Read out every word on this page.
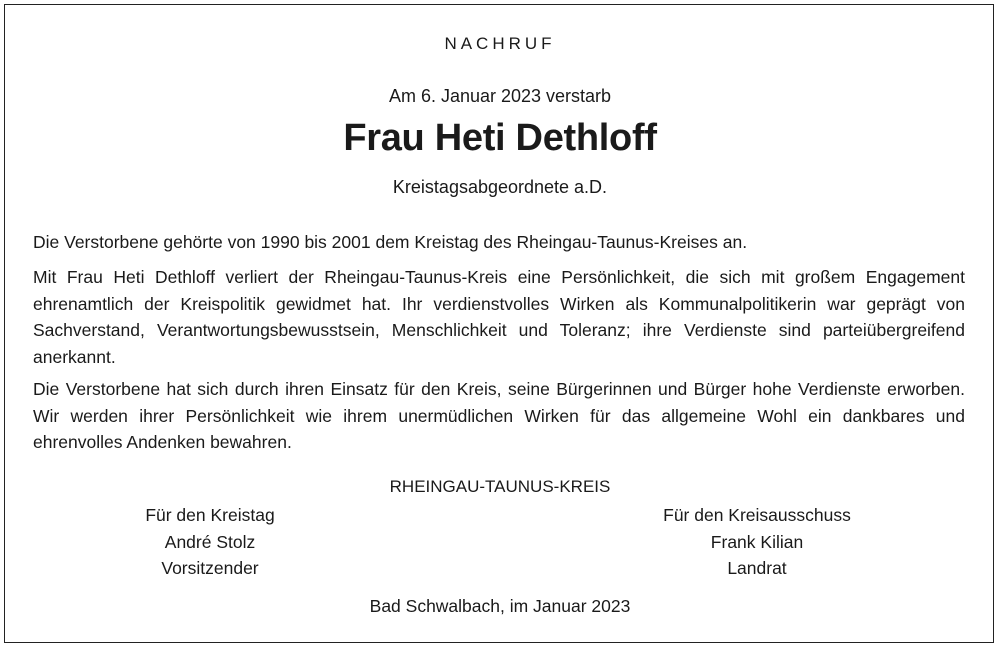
NACHRUF
Am 6. Januar 2023 verstarb
Frau Heti Dethloff
Kreistagsabgeordnete a.D.
Die Verstorbene gehörte von 1990 bis 2001 dem Kreistag des Rheingau-Taunus-Kreises an.
Mit Frau Heti Dethloff verliert der Rheingau-Taunus-Kreis eine Persönlichkeit, die sich mit großem Engagement ehrenamtlich der Kreispolitik gewidmet hat. Ihr verdienstvolles Wirken als Kommunalpolitikerin war geprägt von Sachverstand, Verantwortungsbewusstsein, Menschlichkeit und Toleranz; ihre Verdienste sind parteiübergreifend anerkannt.
Die Verstorbene hat sich durch ihren Einsatz für den Kreis, seine Bürgerinnen und Bürger hohe Verdienste erworben. Wir werden ihrer Persönlichkeit wie ihrem unermüdlichen Wirken für das allgemeine Wohl ein dankbares und ehrenvolles Andenken bewahren.
RHEINGAU-TAUNUS-KREIS
Für den Kreistag
André Stolz
Vorsitzender
Für den Kreisausschuss
Frank Kilian
Landrat
Bad Schwalbach, im Januar 2023
